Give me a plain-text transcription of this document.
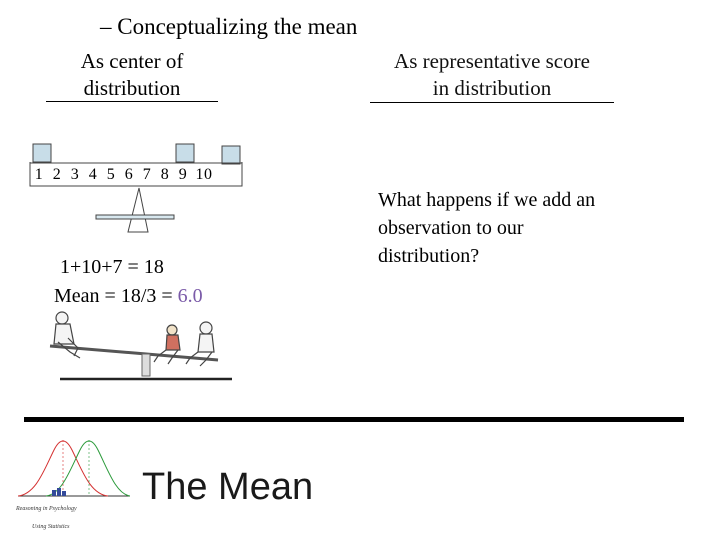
– Conceptualizing the mean
As center of
distribution
As representative score
in distribution
1 2 3 4 5 6 7 8 9 10
What happens if we add an
observation to our
distribution?
1+10+7 = 18
Mean = 18/3 = 6.0
Reasoning in Psychology
Using Statistics
The Mean
